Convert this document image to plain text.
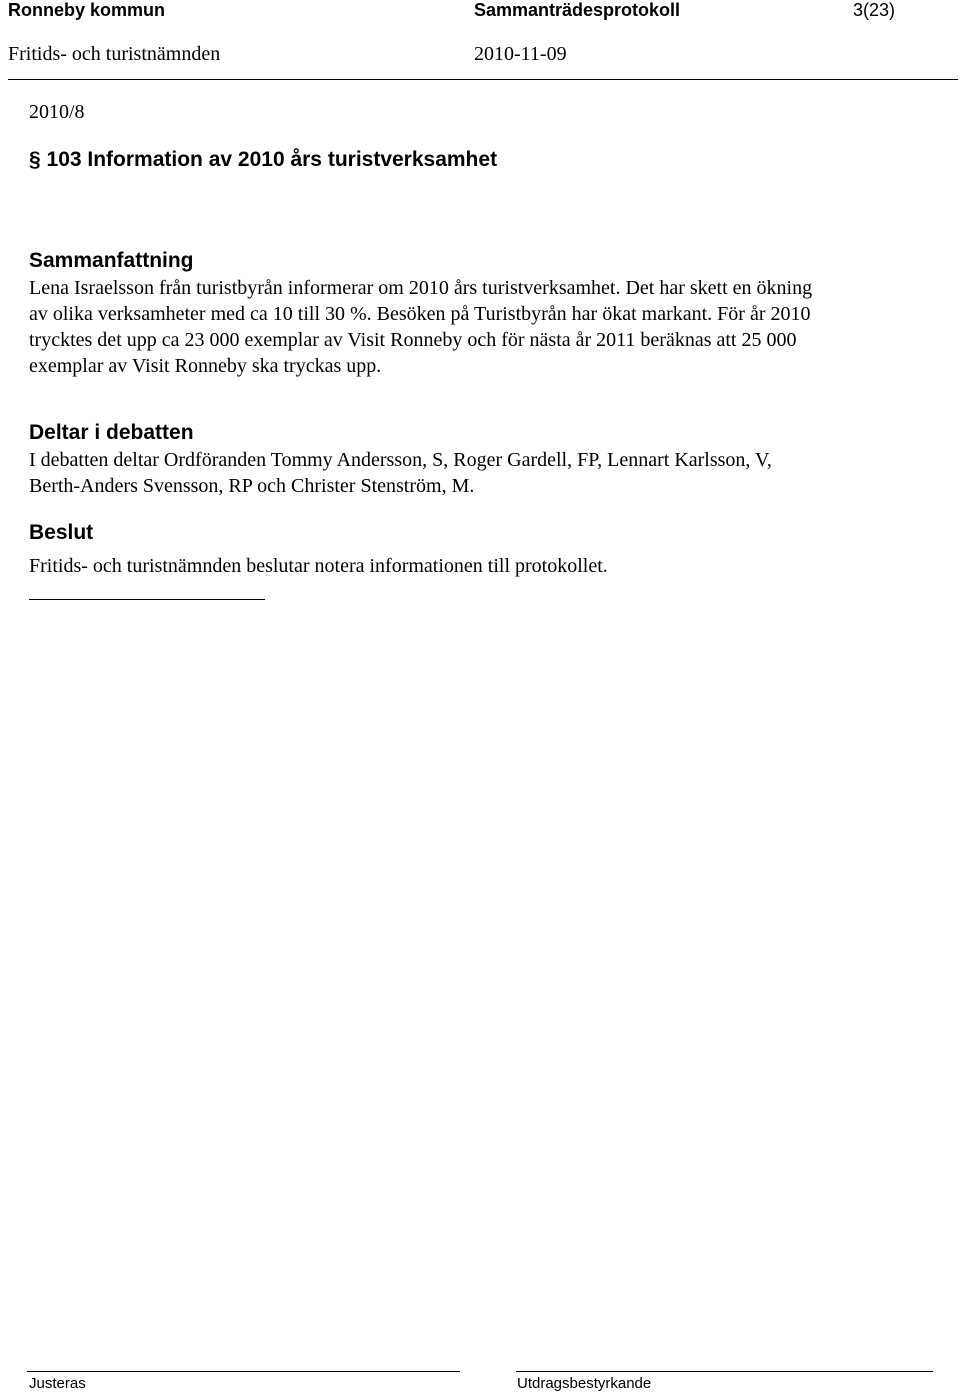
Ronneby kommun	Sammanträdesprotokoll	3(23)
Fritids- och turistnämnden	2010-11-09
2010/8
§ 103 Information av 2010 års turistverksamhet
Sammanfattning
Lena Israelsson från turistbyrån informerar om 2010 års turistverksamhet. Det har skett en ökning
av olika verksamheter med ca 10 till 30 %. Besöken på Turistbyrån har ökat markant. För år 2010
trycktes det upp ca 23 000 exemplar av Visit Ronneby och för nästa år 2011 beräknas att 25 000
exemplar av Visit Ronneby ska tryckas upp.
Deltar i debatten
I debatten deltar Ordföranden Tommy Andersson, S, Roger Gardell, FP, Lennart Karlsson, V,
Berth-Anders Svensson, RP och Christer Stenström, M.
Beslut
Fritids- och turistnämnden beslutar notera informationen till protokollet.
Justeras	Utdragsbestyrkande
